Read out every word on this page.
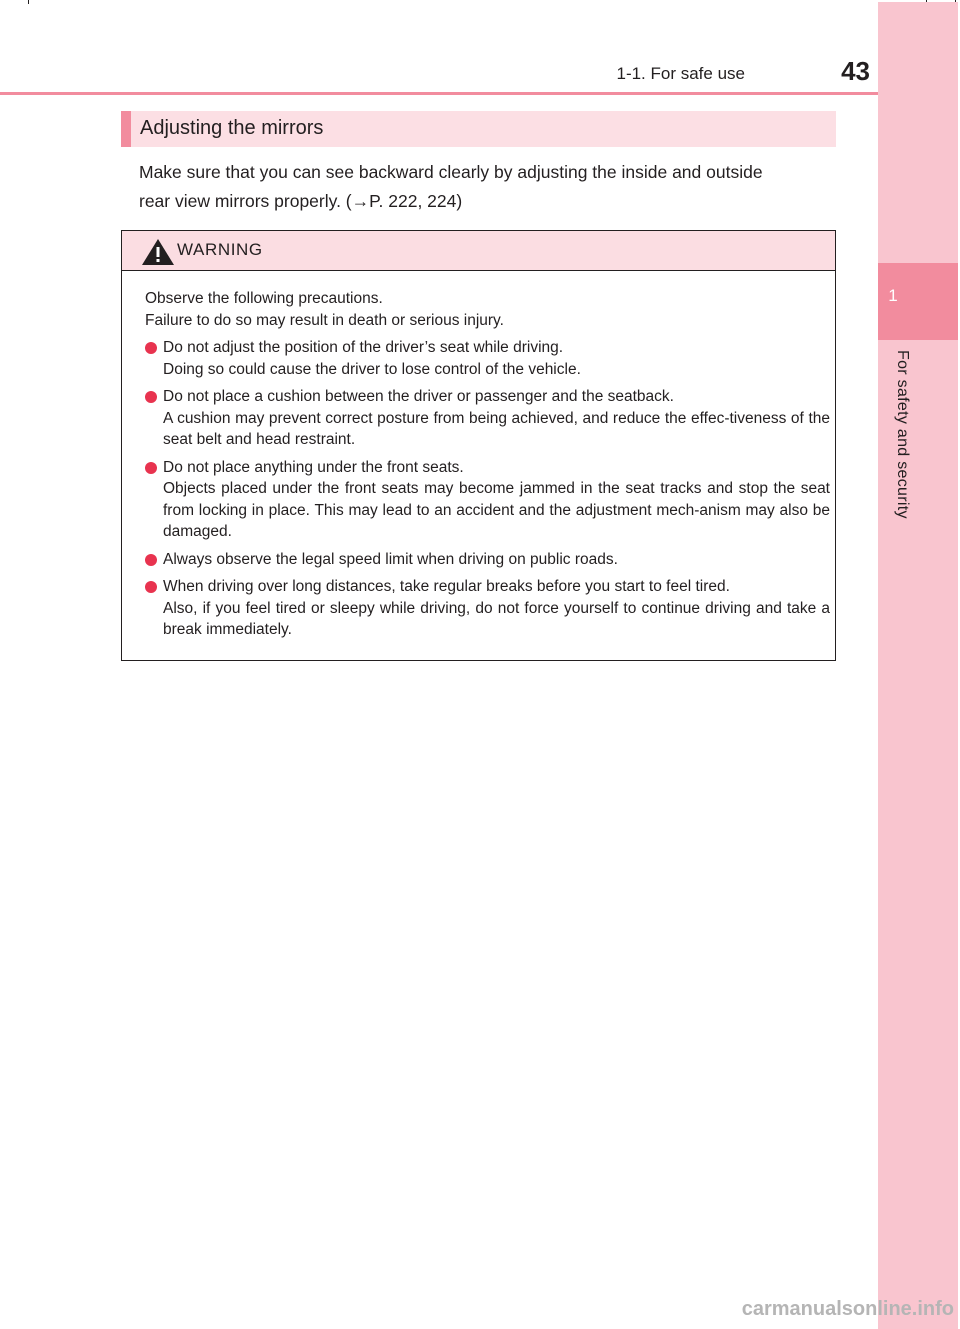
1
For safety and security
1-1. For safe use	43
Adjusting the mirrors
Make sure that you can see backward clearly by adjusting the inside and outside
rear view mirrors properly. (→P. 222, 224)
WARNING

Observe the following precautions.
Failure to do so may result in death or serious injury.

Do not adjust the position of the driver’s seat while driving.
Doing so could cause the driver to lose control of the vehicle.
Do not place a cushion between the driver or passenger and the seatback.
A cushion may prevent correct posture from being achieved, and reduce the effec-tiveness of the seat belt and head restraint.
Do not place anything under the front seats.
Objects placed under the front seats may become jammed in the seat tracks and stop the seat from locking in place. This may lead to an accident and the adjustment mech-anism may also be damaged.
Always observe the legal speed limit when driving on public roads.
When driving over long distances, take regular breaks before you start to feel tired.
Also, if you feel tired or sleepy while driving, do not force yourself to continue driving and take a break immediately.
carmanualsonline.info
